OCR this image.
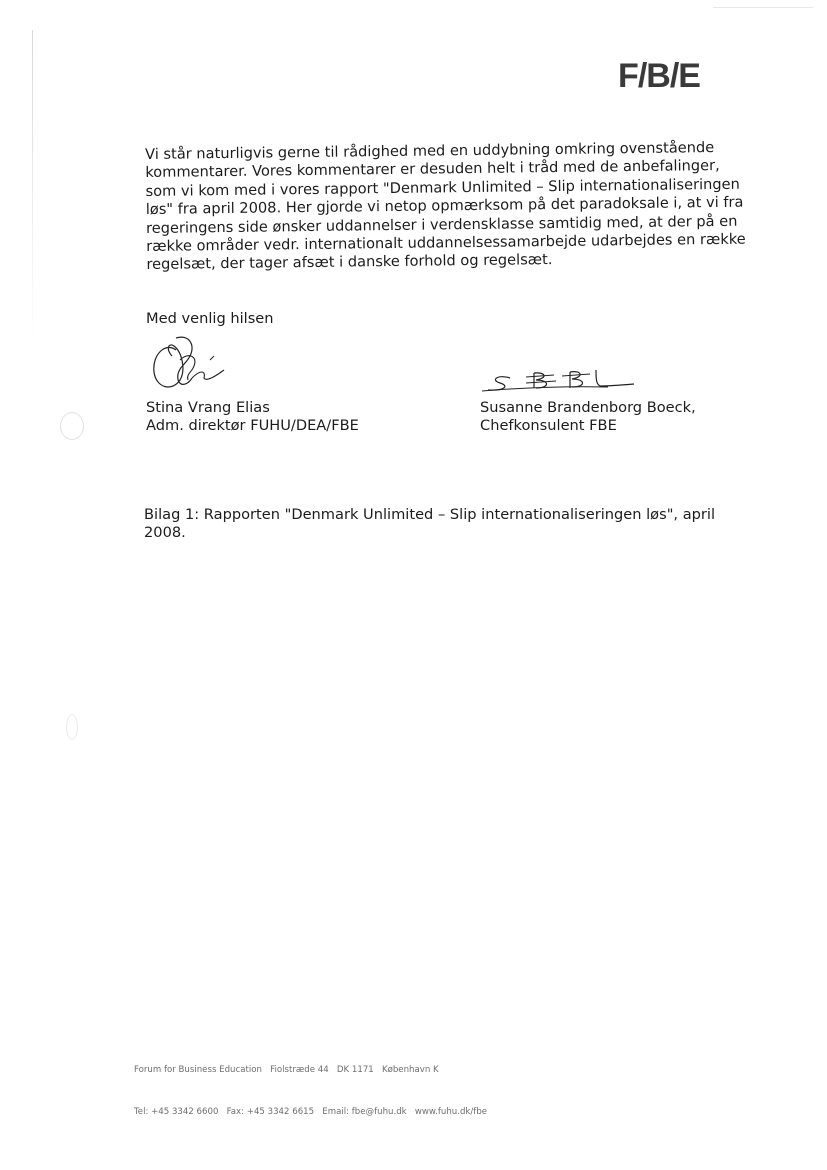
F/B/E

Vi står naturligvis gerne til rådighed med en uddybning omkring ovenstående kommentarer. Vores kommentarer er desuden helt i tråd med de anbefalinger, som vi kom med i vores rapport "Denmark Unlimited – Slip internationaliseringen løs" fra april 2008. Her gjorde vi netop opmærksom på det paradoksale i, at vi fra regeringens side ønsker uddannelser i verdensklasse samtidig med, at der på en række områder vedr. internationalt uddannelsessamarbejde udarbejdes en række regelsæt, der tager afsæt i danske forhold og regelsæt.

Med venlig hilsen
Stina Vrang Elias
Adm. direktør FUHU/DEA/FBE
Susanne Brandenborg Boeck,
Chefkonsulent FBE

Bilag 1: Rapporten "Denmark Unlimited – Slip internationaliseringen løs", april 2008.

Forum for Business Education   Fiolstræde 44   DK 1171   København K

Tel: +45 3342 6600   Fax: +45 3342 6615   Email: fbe@fuhu.dk   www.fuhu.dk/fbe
